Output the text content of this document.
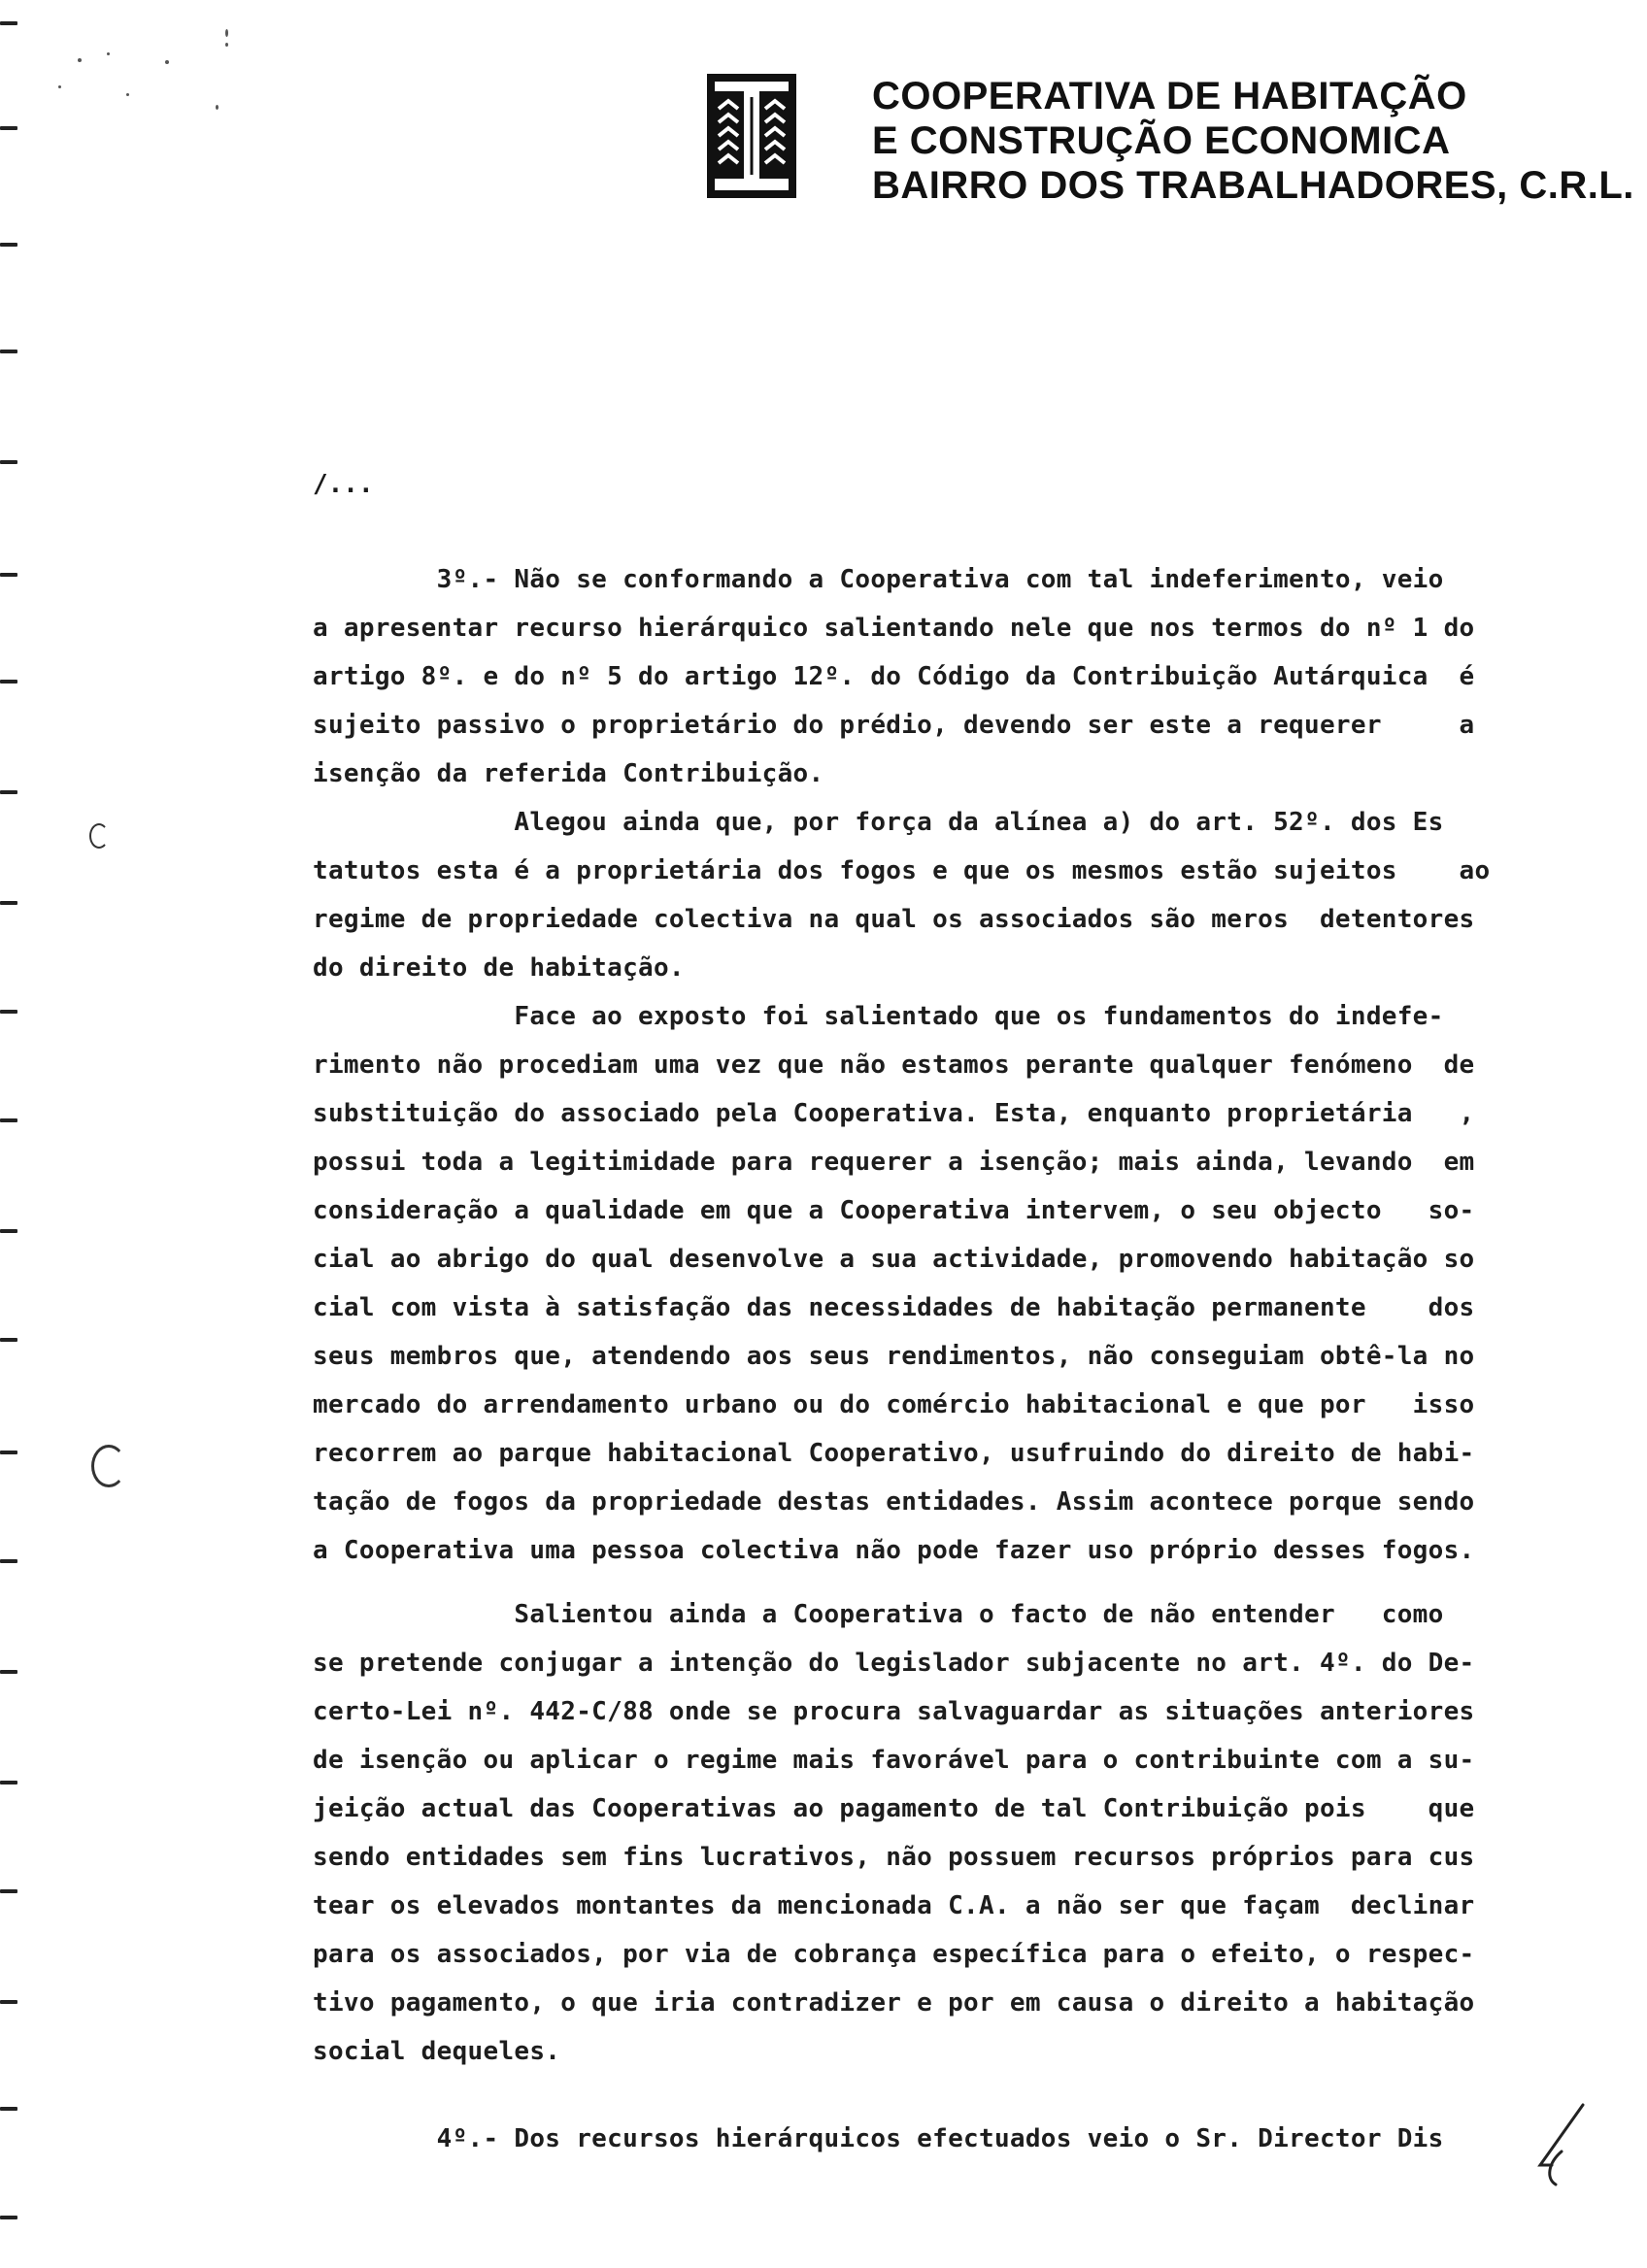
COOPERATIVA DE HABITAÇÃO
E CONSTRUÇÃO ECONOMICA
BAIRRO DOS TRABALHADORES, C.R.L.
/...
3º.- Não se conformando a Cooperativa com tal indeferimento, veio
a apresentar recurso hierárquico salientando nele que nos termos do nº 1 do
artigo 8º. e do nº 5 do artigo 12º. do Código da Contribuição Autárquica  é
sujeito passivo o proprietário do prédio, devendo ser este a requerer     a
isenção da referida Contribuição.
Alegou ainda que, por força da alínea a) do art. 52º. dos Es
tatutos esta é a proprietária dos fogos e que os mesmos estão sujeitos    ao
regime de propriedade colectiva na qual os associados são meros  detentores
do direito de habitação.
Face ao exposto foi salientado que os fundamentos do indefe-
rimento não procediam uma vez que não estamos perante qualquer fenómeno  de
substituição do associado pela Cooperativa. Esta, enquanto proprietária   ,
possui toda a legitimidade para requerer a isenção; mais ainda, levando  em
consideração a qualidade em que a Cooperativa intervem, o seu objecto   so-
cial ao abrigo do qual desenvolve a sua actividade, promovendo habitação so
cial com vista à satisfação das necessidades de habitação permanente    dos
seus membros que, atendendo aos seus rendimentos, não conseguiam obtê-la no
mercado do arrendamento urbano ou do comércio habitacional e que por   isso
recorrem ao parque habitacional Cooperativo, usufruindo do direito de habi-
tação de fogos da propriedade destas entidades. Assim acontece porque sendo
a Cooperativa uma pessoa colectiva não pode fazer uso próprio desses fogos.
Salientou ainda a Cooperativa o facto de não entender   como
se pretende conjugar a intenção do legislador subjacente no art. 4º. do De-
certo-Lei nº. 442-C/88 onde se procura salvaguardar as situações anteriores
de isenção ou aplicar o regime mais favorável para o contribuinte com a su-
jeição actual das Cooperativas ao pagamento de tal Contribuição pois    que
sendo entidades sem fins lucrativos, não possuem recursos próprios para cus
tear os elevados montantes da mencionada C.A. a não ser que façam  declinar
para os associados, por via de cobrança específica para o efeito, o respec-
tivo pagamento, o que iria contradizer e por em causa o direito a habitação
social dequeles.
4º.- Dos recursos hierárquicos efectuados veio o Sr. Director Dis
